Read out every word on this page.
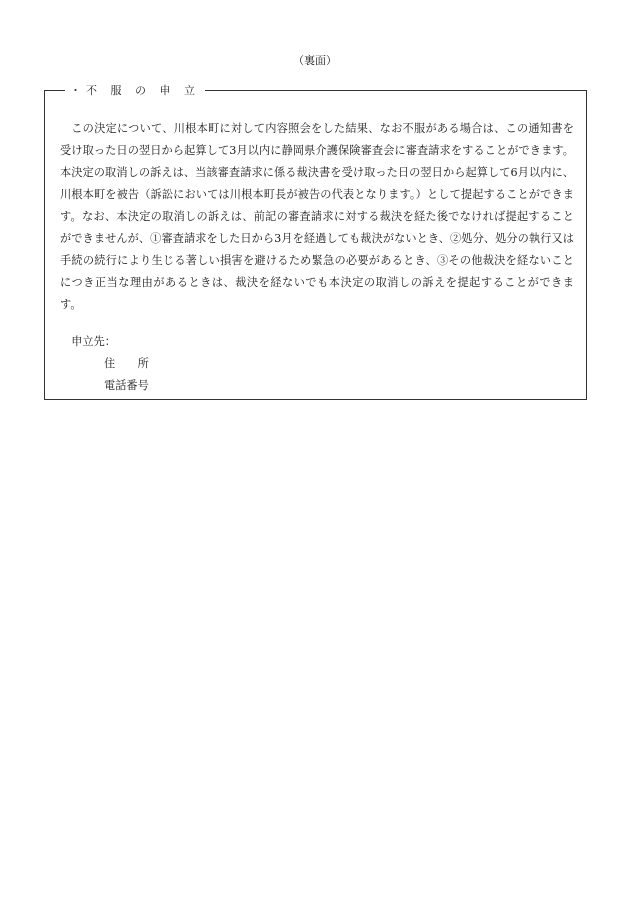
（裏面）
・不 服 の 申 立

この決定について、川根本町に対して内容照会をした結果、なお不服がある場合は、この通知書を受け取った日の翌日から起算して3月以内に静岡県介護保険審査会に審査請求をすることができます。本決定の取消しの訴えは、当該審査請求に係る裁決書を受け取った日の翌日から起算して6月以内に、川根本町を被告（訴訟においては川根本町長が被告の代表となります。）として提起することができます。なお、本決定の取消しの訴えは、前記の審査請求に対する裁決を経た後でなければ提起することができませんが、①審査請求をした日から3月を経過しても裁決がないとき、②処分、処分の執行又は手続の続行により生じる著しい損害を避けるため緊急の必要があるとき、③その他裁決を経ないことにつき正当な理由があるときは、裁決を経ないでも本決定の取消しの訴えを提起することができます。

申立先：
住　　所
電話番号
